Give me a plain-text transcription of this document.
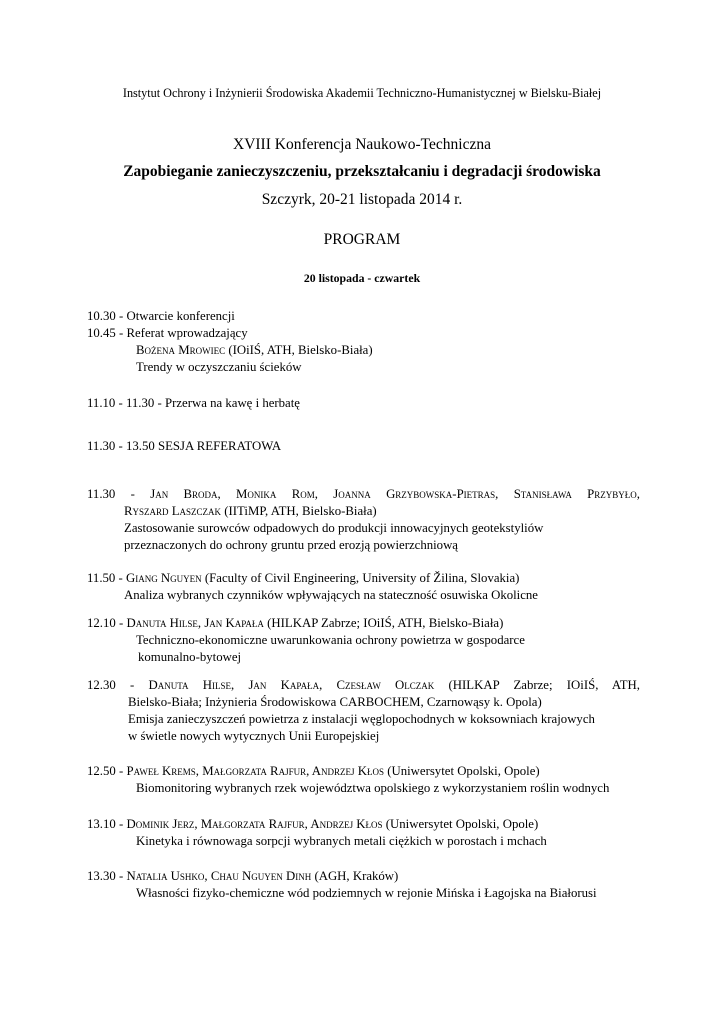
Instytut Ochrony i Inżynierii Środowiska Akademii Techniczno-Humanistycznej w Bielsku-Białej
XVIII Konferencja Naukowo-Techniczna
Zapobieganie zanieczyszczeniu, przekształcaniu i degradacji środowiska
Szczyrk, 20-21 listopada 2014 r.
PROGRAM
20 listopada - czwartek
10.30 - Otwarcie konferencji
10.45 - Referat wprowadzający
Bożena Mrowiec (IOiIŚ, ATH, Bielsko-Biała)
Trendy w oczyszczaniu ścieków
11.10 - 11.30 - Przerwa na kawę i herbatę
11.30 - 13.50 SESJA REFERATOWA
11.30 - Jan Broda, Monika Rom, Joanna Grzybowska-Pietras, Stanisława Przybyło,
Ryszard Laszczak (IITiMP, ATH, Bielsko-Biała)
Zastosowanie surowców odpadowych do produkcji innowacyjnych geotekstyliów
przeznaczonych do ochrony gruntu przed erozją powierzchniową
11.50 - Giang Nguyen (Faculty of Civil Engineering, University of Žilina, Slovakia)
Analiza wybranych czynników wpływających na stateczność osuwiska Okolicne
12.10 - Danuta Hilse, Jan Kapała (HILKAP Zabrze; IOiIŚ, ATH, Bielsko-Biała)
Techniczno-ekonomiczne uwarunkowania ochrony powietrza w gospodarce
komunalno-bytowej
12.30 - Danuta Hilse, Jan Kapała, Czesław Olczak (HILKAP Zabrze; IOiIŚ, ATH,
Bielsko-Biała; Inżynieria Środowiskowa CARBOCHEM, Czarnowąsy k. Opola)
Emisja zanieczyszczeń powietrza z instalacji węglopochodnych w koksowniach krajowych
w świetle nowych wytycznych Unii Europejskiej
12.50 - Paweł Krems, Małgorzata Rajfur, Andrzej Kłos (Uniwersytet Opolski, Opole)
Biomonitoring wybranych rzek województwa opolskiego z wykorzystaniem roślin wodnych
13.10 - Dominik Jerz, Małgorzata Rajfur, Andrzej Kłos (Uniwersytet Opolski, Opole)
Kinetyka i równowaga sorpcji wybranych metali ciężkich w porostach i mchach
13.30 - Natalia Ushko, Chau Nguyen Dinh (AGH, Kraków)
Własności fizyko-chemiczne wód podziemnych w rejonie Mińska i Łagojska na Białorusi
